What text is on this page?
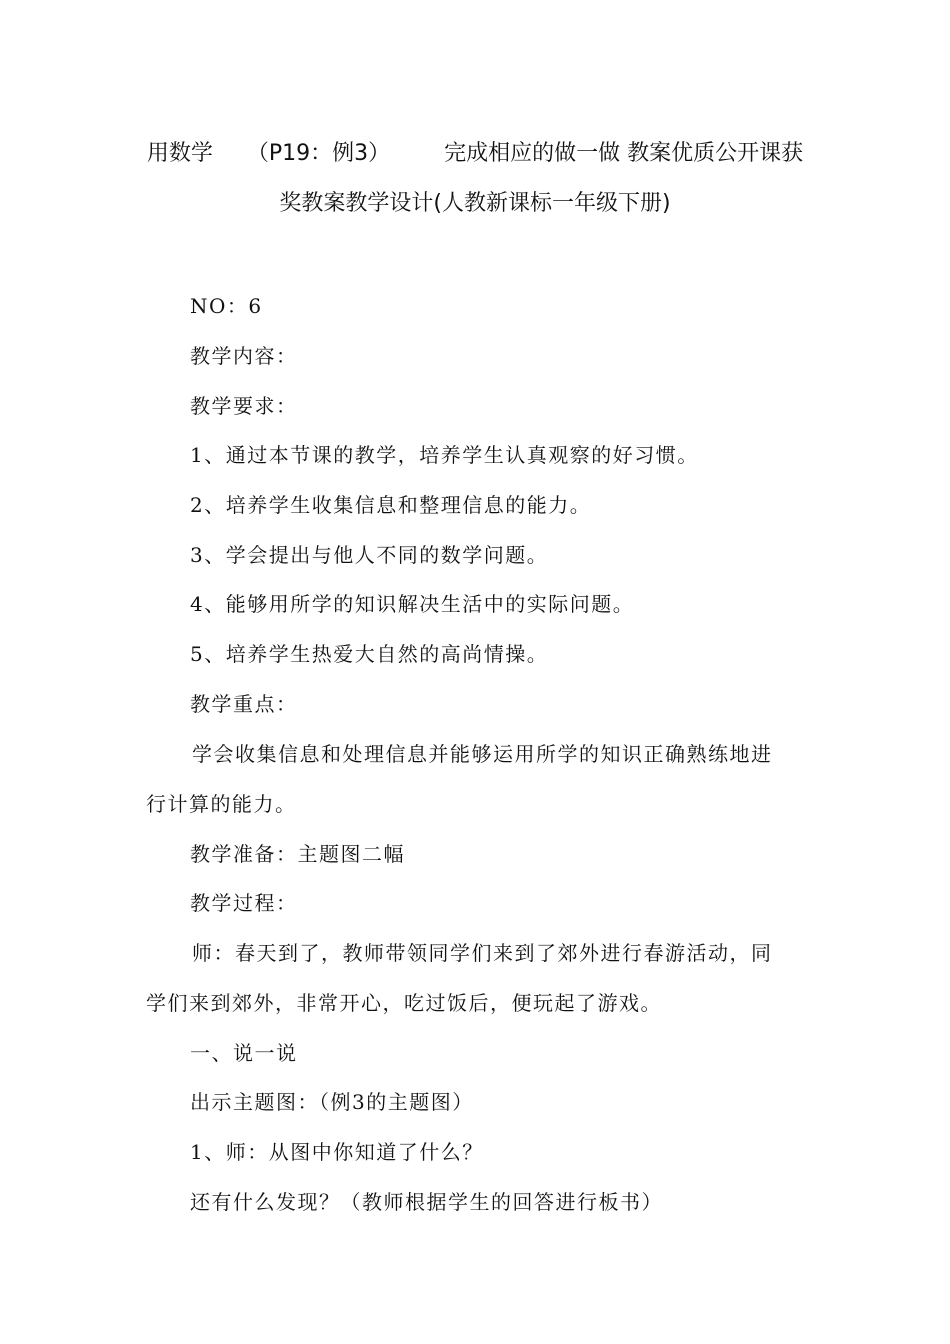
用数学 （P19：例3） 完成相应的做一做 教案优质公开课获
奖教案教学设计(人教新课标一年级下册)
NO：6
教学内容：
教学要求：
1、通过本节课的教学，培养学生认真观察的好习惯。
2、培养学生收集信息和整理信息的能力。
3、学会提出与他人不同的数学问题。
4、能够用所学的知识解决生活中的实际问题。
5、培养学生热爱大自然的高尚情操。
教学重点：
学会收集信息和处理信息并能够运用所学的知识正确熟练地进
行计算的能力。
教学准备：主题图二幅
教学过程：
师：春天到了，教师带领同学们来到了郊外进行春游活动，同
学们来到郊外，非常开心，吃过饭后，便玩起了游戏。
一、说一说
出示主题图：（例3的主题图）
1、师：从图中你知道了什么？
还有什么发现？（教师根据学生的回答进行板书）
